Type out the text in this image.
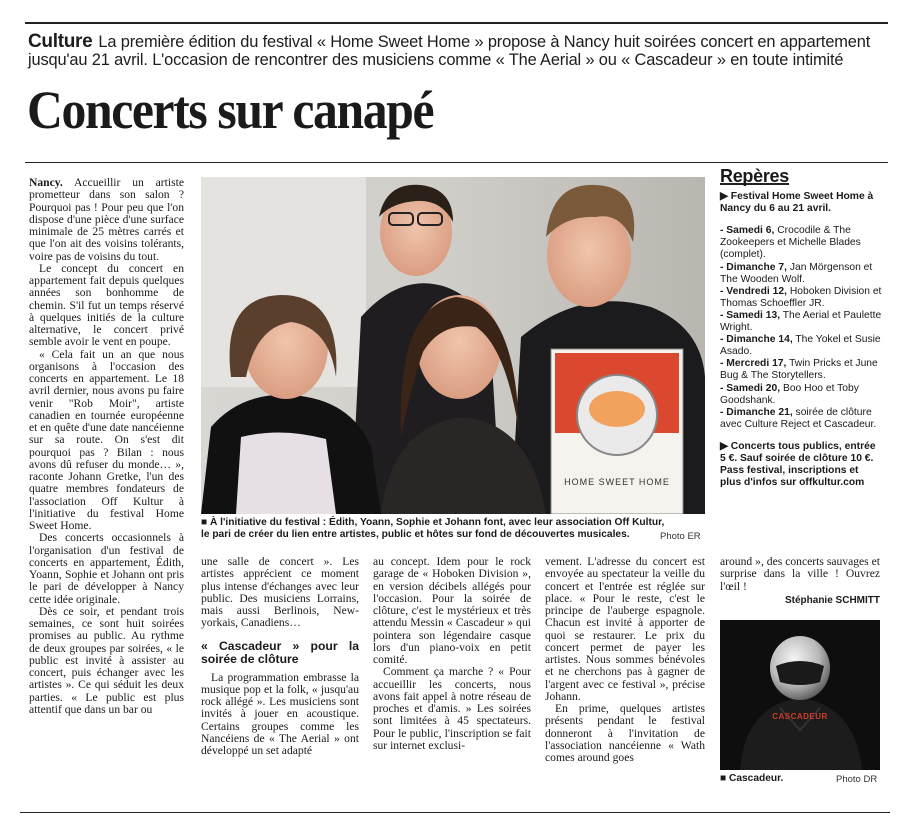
Culture La première édition du festival « Home Sweet Home » propose à Nancy huit soirées concert en appartement jusqu'au 21 avril. L'occasion de rencontrer des musiciens comme « The Aerial » ou « Cascadeur » en toute intimité
Concerts sur canapé

Nancy. Accueillir un artiste prometteur dans son salon ? Pourquoi pas ! Pour peu que l'on dispose d'une pièce d'une surface minimale de 25 mètres carrés et que l'on ait des voisins tolérants, voire pas de voisins du tout.

Le concept du concert en appartement fait depuis quelques années son bonhomme de chemin. S'il fut un temps réservé à quelques initiés de la culture alternative, le concert privé semble avoir le vent en poupe.

« Cela fait un an que nous organisons à l'occasion des concerts en appartement. Le 18 avril dernier, nous avons pu faire venir "Rob Moir", artiste canadien en tournée européenne et en quête d'une date nancéienne sur sa route. On s'est dit pourquoi pas ? Bilan : nous avons dû refuser du monde… », raconte Johann Gretke, l'un des quatre membres fondateurs de l'association Off Kultur à l'initiative du festival Home Sweet Home.

Des concerts occasionnels à l'organisation d'un festival de concerts en appartement, Édith, Yoann, Sophie et Johann ont pris le pari de développer à Nancy cette idée originale.

Dès ce soir, et pendant trois semaines, ce sont huit soirées promises au public. Au rythme de deux groupes par soirées, « le public est invité à assister au concert, puis échanger avec les artistes ». Ce qui séduit les deux parties. « Le public est plus attentif que dans un bar ou

HOME SWEET HOME
■ À l'initiative du festival : Édith, Yoann, Sophie et Johann font, avec leur association Off Kultur, le pari de créer du lien entre artistes, public et hôtes sur fond de découvertes musicales.	Photo ER

une salle de concert ». Les artistes apprécient ce moment plus intense d'échanges avec leur public. Des musiciens Lorrains, mais aussi Berlinois, New-yorkais, Canadiens…

« Cascadeur » pour la soirée de clôture

La programmation embrasse la musique pop et la folk, « jusqu'au rock allégé ». Les musiciens sont invités à jouer en acoustique. Certains groupes comme les Nancéiens de « The Aerial » ont développé un set adapté

au concept. Idem pour le rock garage de « Hoboken Division », en version décibels allégés pour l'occasion. Pour la soirée de clôture, c'est le mystérieux et très attendu Messin « Cascadeur » qui pointera son légendaire casque lors d'un piano-voix en petit comité.

Comment ça marche ? « Pour accueillir les concerts, nous avons fait appel à notre réseau de proches et d'amis. » Les soirées sont limitées à 45 spectateurs. Pour le public, l'inscription se fait sur internet exclusi-

vement. L'adresse du concert est envoyée au spectateur la veille du concert et l'entrée est réglée sur place. « Pour le reste, c'est le principe de l'auberge espagnole. Chacun est invité à apporter de quoi se restaurer. Le prix du concert permet de payer les artistes. Nous sommes bénévoles et ne cherchons pas à gagner de l'argent avec ce festival », précise Johann.

En prime, quelques artistes présents pendant le festival donneront à l'invitation de l'association nancéienne « Wath comes around goes

Repères

▶ Festival Home Sweet Home à Nancy du 6 au 21 avril.

- Samedi 6, Crocodile & The Zookeepers et Michelle Blades (complet).
- Dimanche 7, Jan Mörgenson et The Wooden Wolf.
- Vendredi 12, Hoboken Division et Thomas Schoeffler JR.
- Samedi 13, The Aerial et Paulette Wright.
- Dimanche 14, The Yokel et Susie Asado.
- Mercredi 17, Twin Pricks et June Bug & The Storytellers.
- Samedi 20, Boo Hoo et Toby Goodshank.
- Dimanche 21, soirée de clôture avec Culture Reject et Cascadeur.

▶ Concerts tous publics, entrée 5 €. Sauf soirée de clôture 10 €. Pass festival, inscriptions et plus d'infos sur offkultur.com

around », des concerts sauvages et surprise dans la ville ! Ouvrez l'œil !

Stéphanie SCHMITT

CASCADEUR
■ Cascadeur.	Photo DR
